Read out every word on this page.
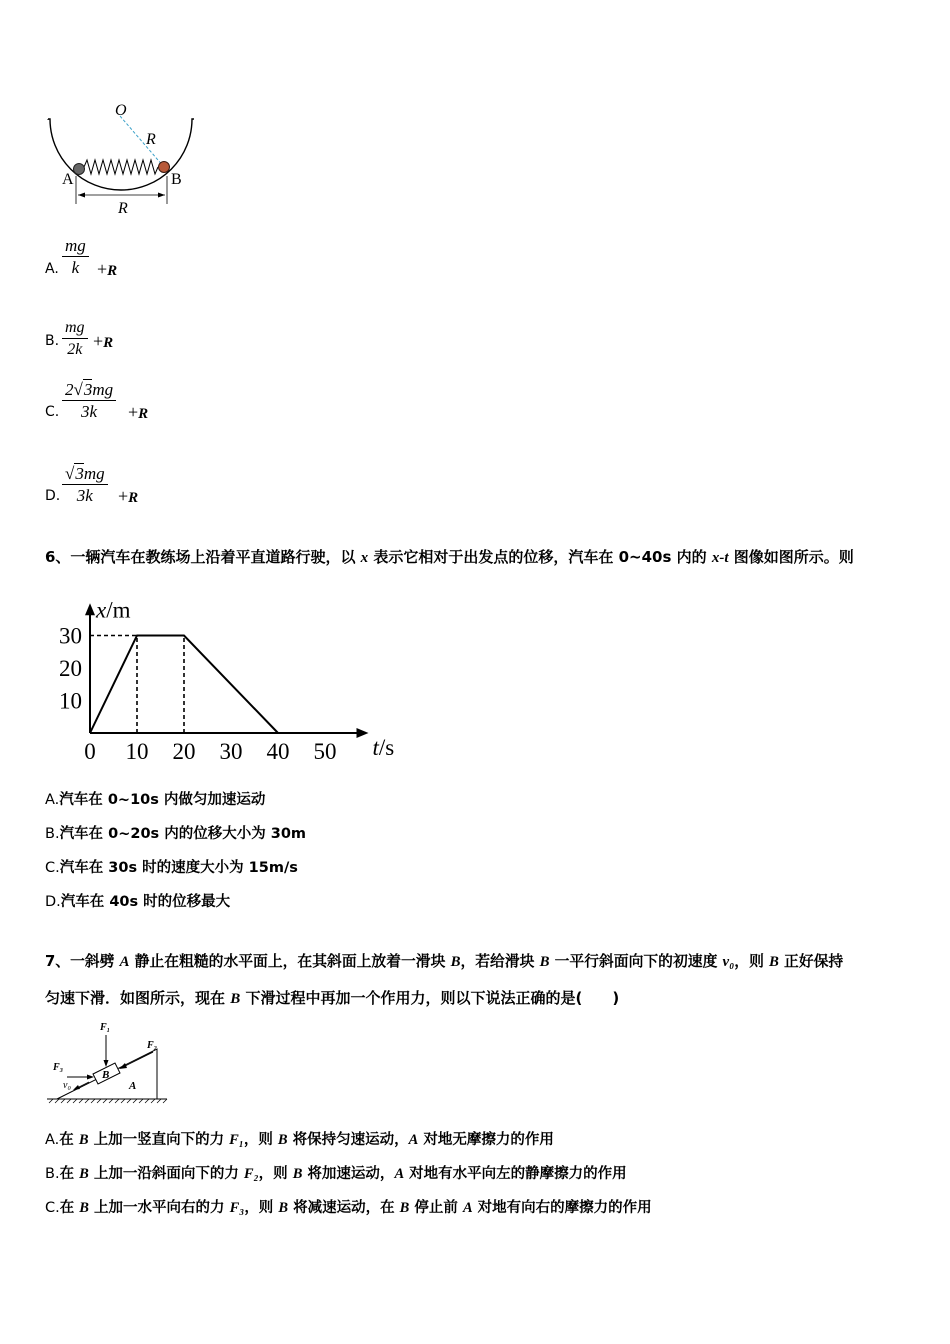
O
R
A	B
R
A.
mg
k +R
B.
mg
2k +R
C.
2√3mg
3k +R
D.
√3mg
3k +R
6、一辆汽车在教练场上沿着平直道路行驶，以 x 表示它相对于出发点的位移，汽车在 0~40s 内的 x-t 图像如图所示。则
0 10 20 30 40 50
10
20
30
t/s
x/m
A.汽车在 0~10s 内做匀加速运动
B.汽车在 0~20s 内的位移大小为 30m
C.汽车在 30s 时的速度大小为 15m/s
D.汽车在 40s 时的位移最大
7、一斜劈 A 静止在粗糙的水平面上，在其斜面上放着一滑块 B，若给滑块 B 一平行斜面向下的初速度 v₀，则 B 正好保持
匀速下滑．如图所示，现在 B 下滑过程中再加一个作用力，则以下说法正确的是(　　)
F₁
F₂
F₃
v₀
B
A
A.在 B 上加一竖直向下的力 F₁，则 B 将保持匀速运动，A 对地无摩擦力的作用
B.在 B 上加一沿斜面向下的力 F₂，则 B 将加速运动，A 对地有水平向左的静摩擦力的作用
C.在 B 上加一水平向右的力 F₃，则 B 将减速运动，在 B 停止前 A 对地有向右的摩擦力的作用
